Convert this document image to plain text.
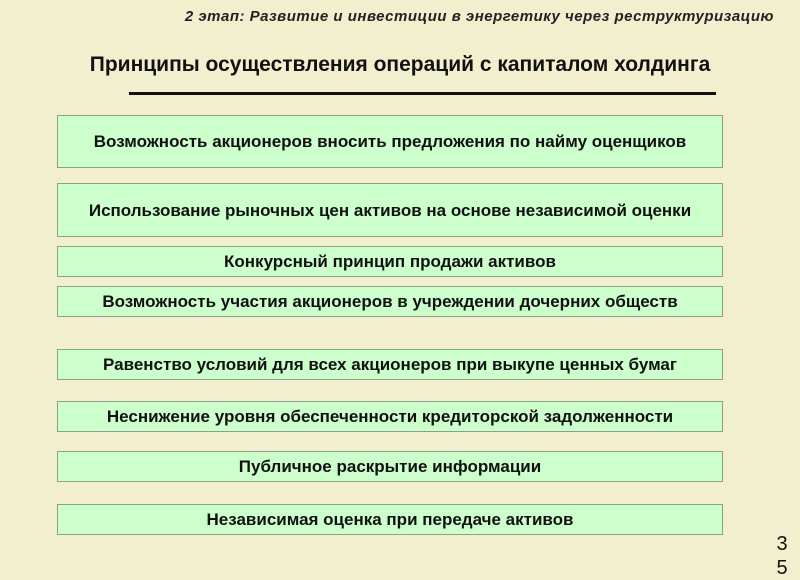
2 этап: Развитие и инвестиции в энергетику через реструктуризацию
Принципы осуществления операций с капиталом холдинга
Возможность акционеров вносить предложения по найму оценщиков
Использование рыночных цен активов на основе независимой оценки
Конкурсный принцип продажи активов
Возможность участия акционеров в учреждении дочерних обществ
Равенство условий для всех акционеров при выкупе ценных бумаг
Неснижение уровня обеспеченности кредиторской задолженности
Публичное раскрытие информации
Независимая оценка при передаче активов
35
